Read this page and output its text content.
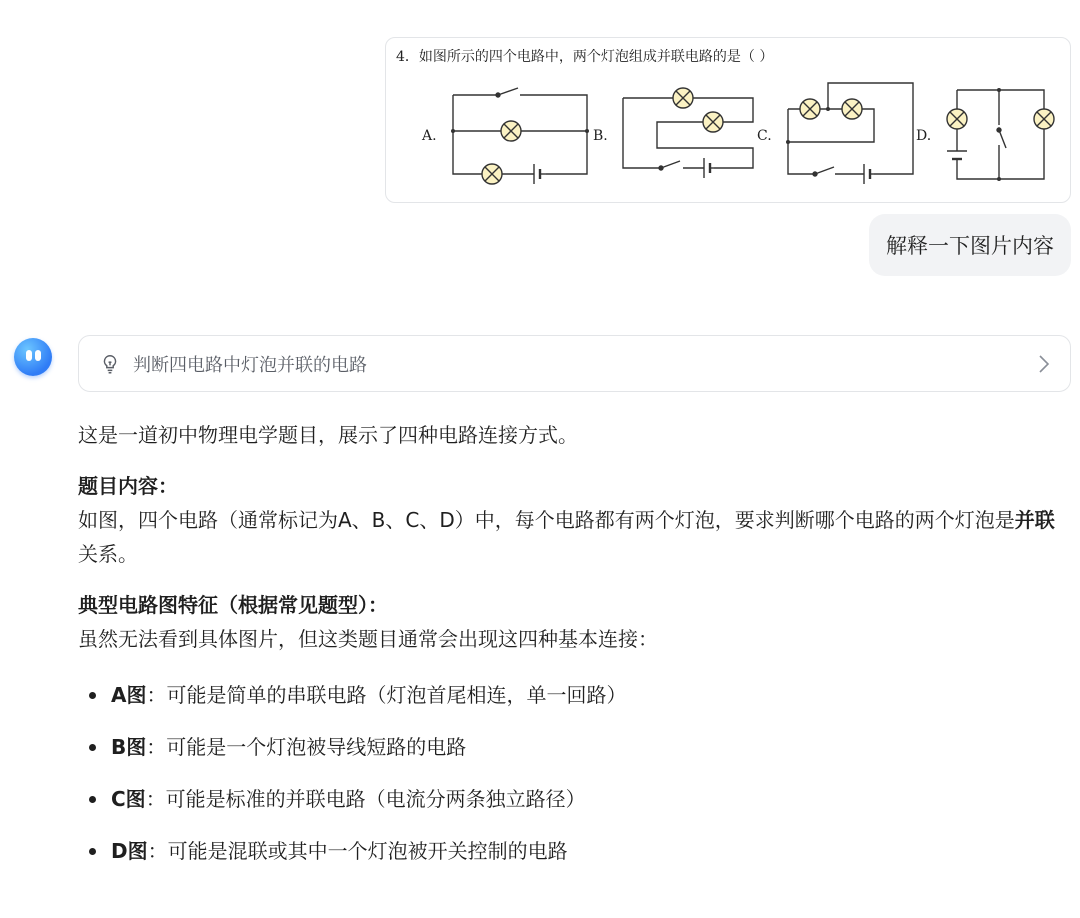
4．如图所示的四个电路中，两个灯泡组成并联电路的是（ ）
A.	B.	C.	D.
解释一下图片内容
判断四电路中灯泡并联的电路

这是一道初中物理电学题目，展示了四种电路连接方式。

题目内容：

如图，四个电路（通常标记为A、B、C、D）中，每个电路都有两个灯泡，要求判断哪个电路的两个灯泡是并联关系。

典型电路图特征（根据常见题型）：

虽然无法看到具体图片，但这类题目通常会出现这四种基本连接：

A图：可能是简单的串联电路（灯泡首尾相连，单一回路）
B图：可能是一个灯泡被导线短路的电路
C图：可能是标准的并联电路（电流分两条独立路径）
D图：可能是混联或其中一个灯泡被开关控制的电路
